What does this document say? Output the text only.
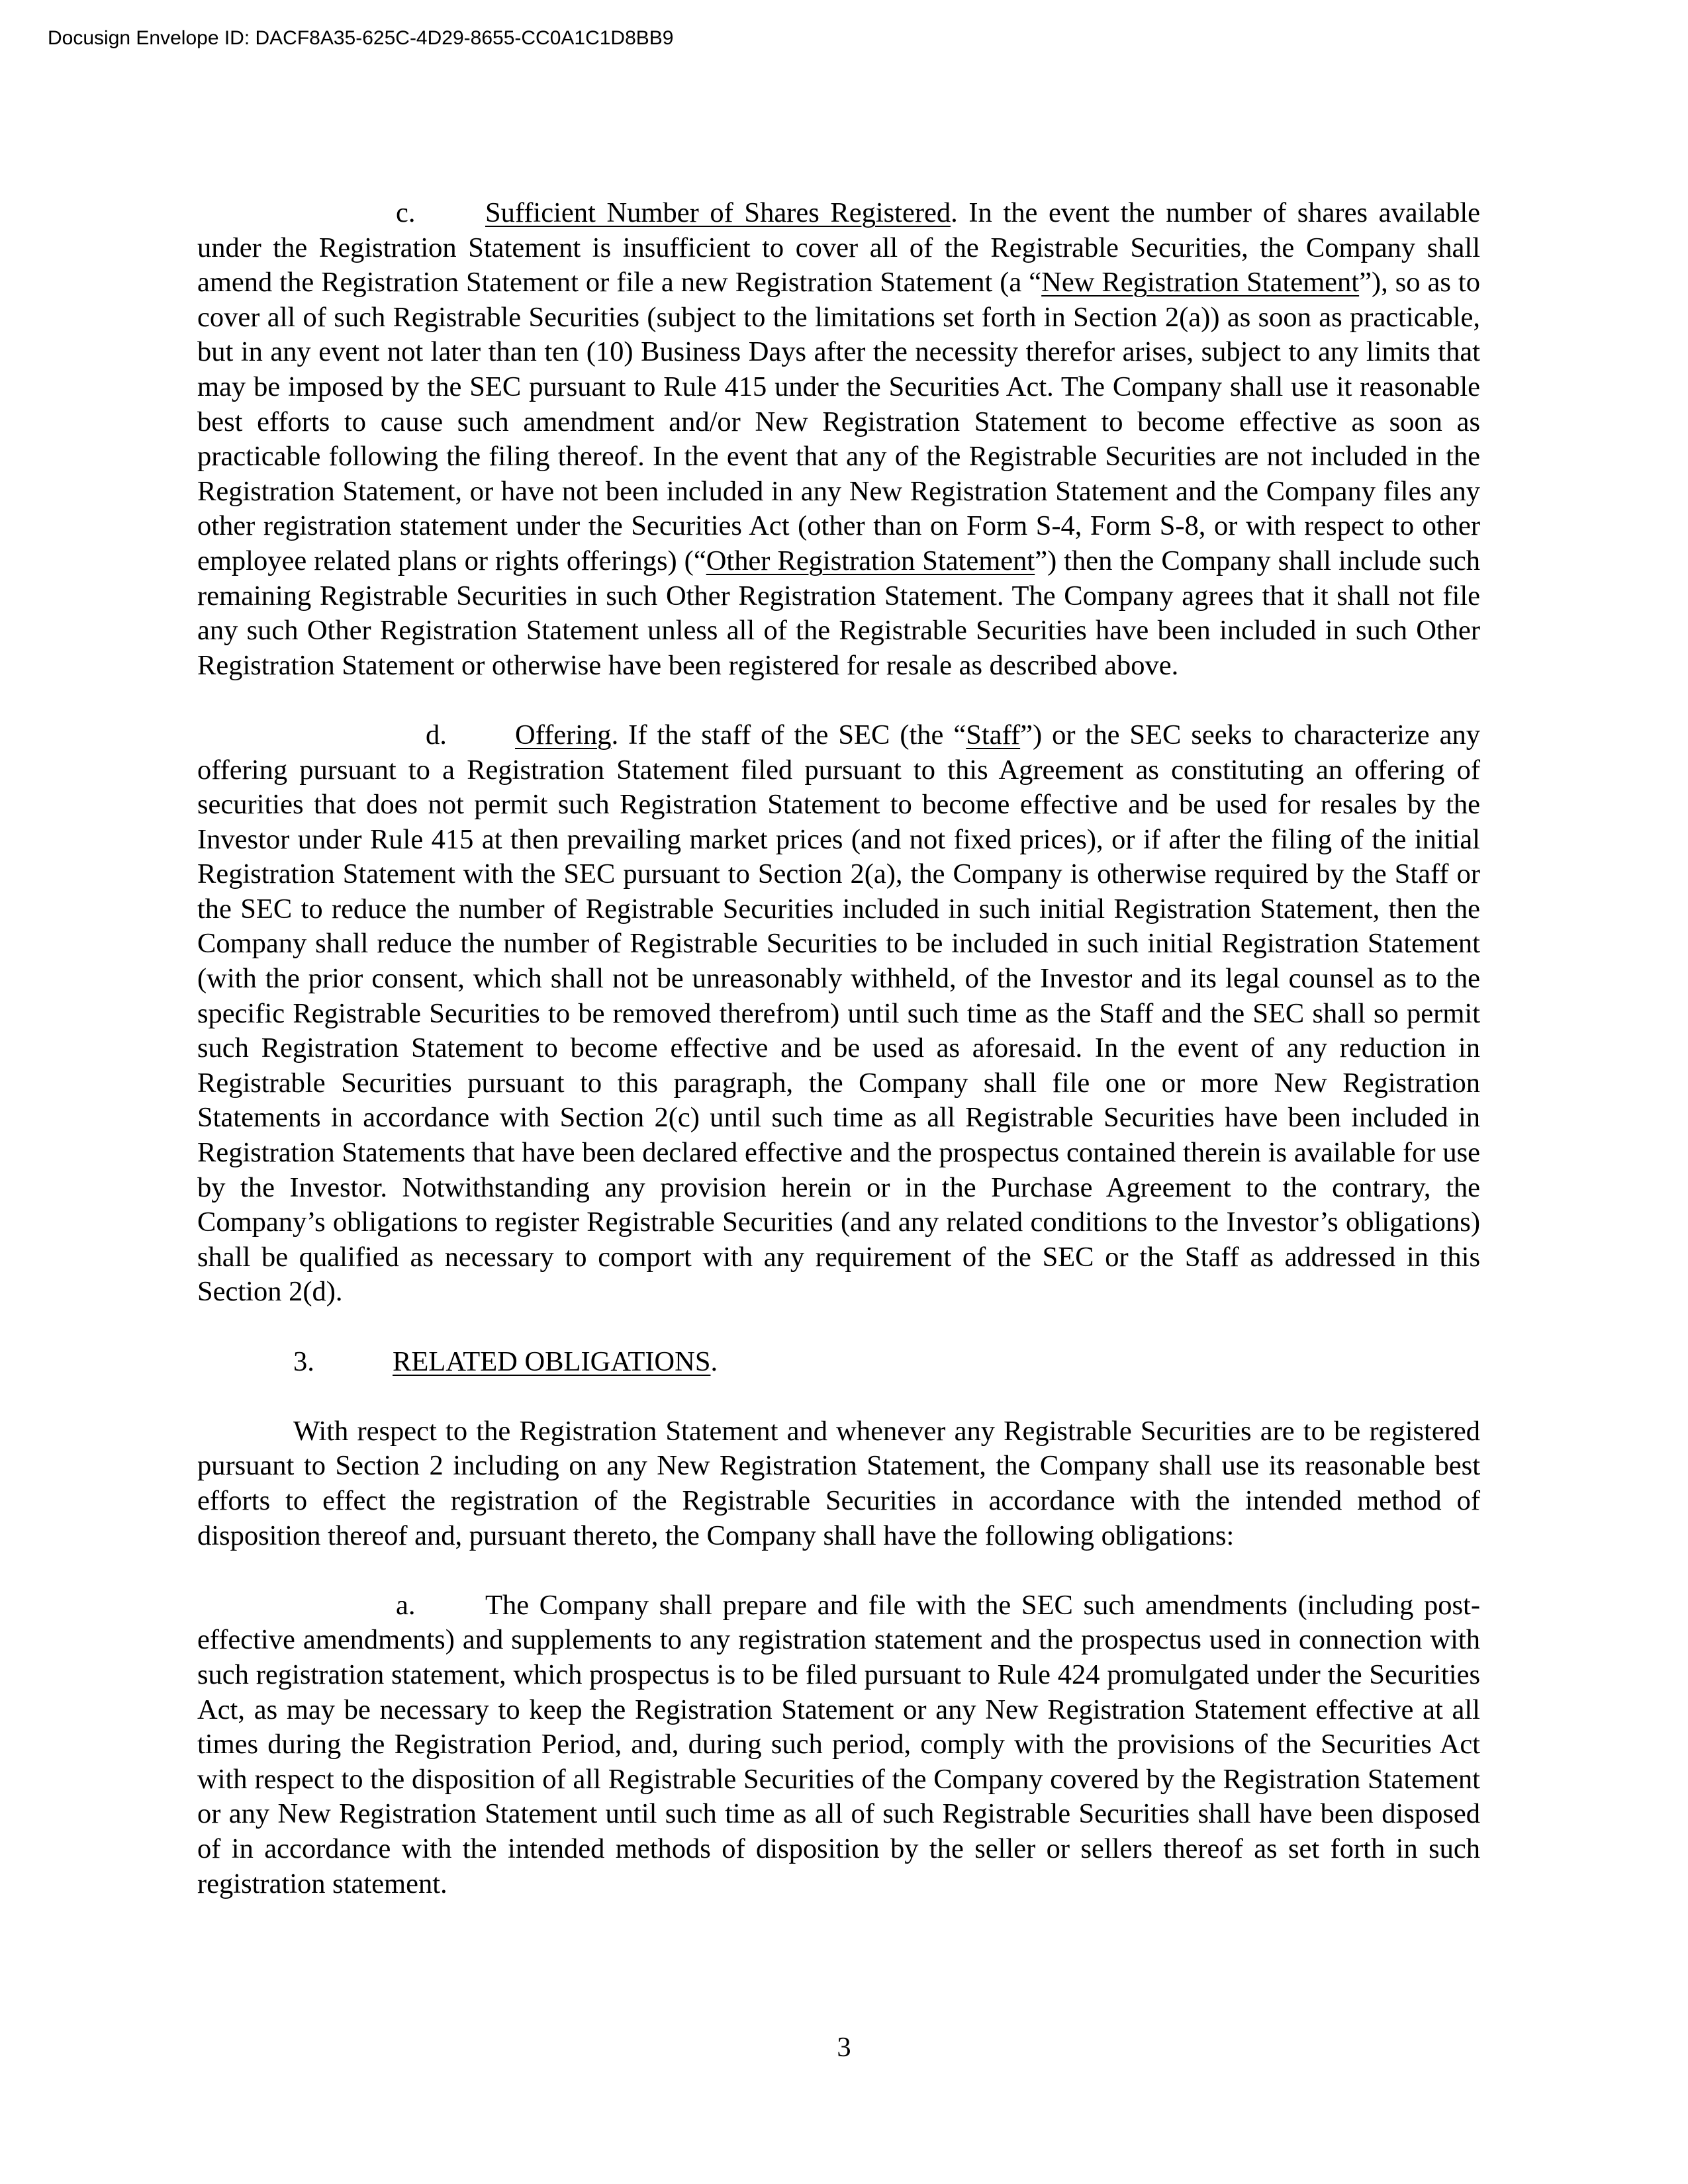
Docusign Envelope ID: DACF8A35-625C-4D29-8655-CC0A1C1D8BB9

c. Sufficient Number of Shares Registered. In the event the number of shares available under the Registration Statement is insufficient to cover all of the Registrable Securities, the Company shall amend the Registration Statement or file a new Registration Statement (a “New Registration Statement”), so as to cover all of such Registrable Securities (subject to the limitations set forth in Section 2(a)) as soon as practicable, but in any event not later than ten (10) Business Days after the necessity therefor arises, subject to any limits that may be imposed by the SEC pursuant to Rule 415 under the Securities Act. The Company shall use it reasonable best efforts to cause such amendment and/or New Registration Statement to become effective as soon as practicable following the filing thereof. In the event that any of the Registrable Securities are not included in the Registration Statement, or have not been included in any New Registration Statement and the Company files any other registration statement under the Securities Act (other than on Form S-4, Form S-8, or with respect to other employee related plans or rights offerings) (“Other Registration Statement”) then the Company shall include such remaining Registrable Securities in such Other Registration Statement. The Company agrees that it shall not file any such Other Registration Statement unless all of the Registrable Securities have been included in such Other Registration Statement or otherwise have been registered for resale as described above.

d. Offering. If the staff of the SEC (the “Staff”) or the SEC seeks to characterize any offering pursuant to a Registration Statement filed pursuant to this Agreement as constituting an offering of securities that does not permit such Registration Statement to become effective and be used for resales by the Investor under Rule 415 at then prevailing market prices (and not fixed prices), or if after the filing of the initial Registration Statement with the SEC pursuant to Section 2(a), the Company is otherwise required by the Staff or the SEC to reduce the number of Registrable Securities included in such initial Registration Statement, then the Company shall reduce the number of Registrable Securities to be included in such initial Registration Statement (with the prior consent, which shall not be unreasonably withheld, of the Investor and its legal counsel as to the specific Registrable Securities to be removed therefrom) until such time as the Staff and the SEC shall so permit such Registration Statement to become effective and be used as aforesaid. In the event of any reduction in Registrable Securities pursuant to this paragraph, the Company shall file one or more New Registration Statements in accordance with Section 2(c) until such time as all Registrable Securities have been included in Registration Statements that have been declared effective and the prospectus contained therein is available for use by the Investor. Notwithstanding any provision herein or in the Purchase Agreement to the contrary, the Company’s obligations to register Registrable Securities (and any related conditions to the Investor’s obligations) shall be qualified as necessary to comport with any requirement of the SEC or the Staff as addressed in this Section 2(d).

3.	RELATED OBLIGATIONS.

With respect to the Registration Statement and whenever any Registrable Securities are to be registered pursuant to Section 2 including on any New Registration Statement, the Company shall use its reasonable best efforts to effect the registration of the Registrable Securities in accordance with the intended method of disposition thereof and, pursuant thereto, the Company shall have the following obligations:

a. The Company shall prepare and file with the SEC such amendments (including post-effective amendments) and supplements to any registration statement and the prospectus used in connection with such registration statement, which prospectus is to be filed pursuant to Rule 424 promulgated under the Securities Act, as may be necessary to keep the Registration Statement or any New Registration Statement effective at all times during the Registration Period, and, during such period, comply with the provisions of the Securities Act with respect to the disposition of all Registrable Securities of the Company covered by the Registration Statement or any New Registration Statement until such time as all of such Registrable Securities shall have been disposed of in accordance with the intended methods of disposition by the seller or sellers thereof as set forth in such registration statement.

3
